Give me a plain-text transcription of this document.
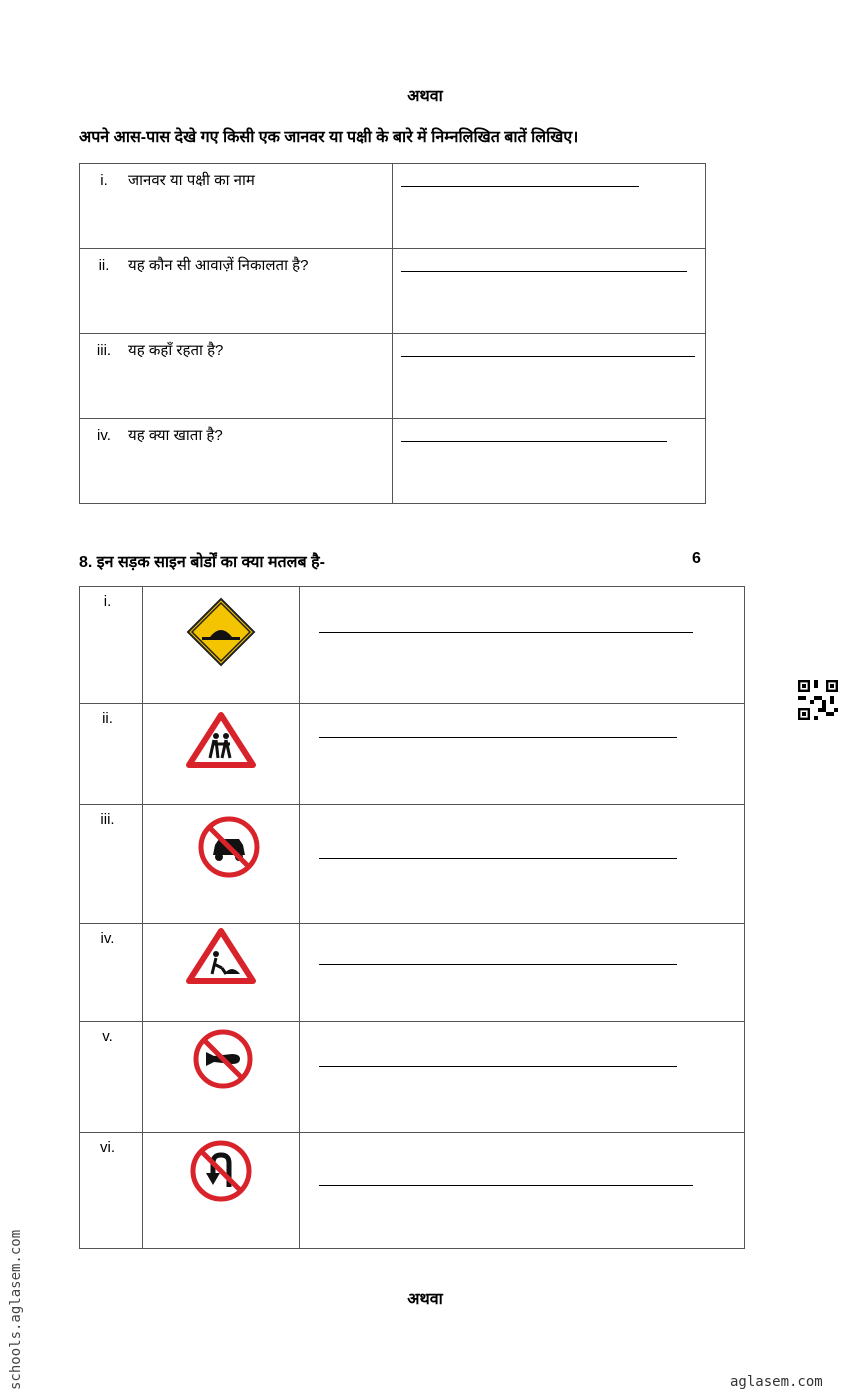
अथवा
अपने आस-पास देखे गए किसी एक जानवर या पक्षी के बारे में निम्नलिखित बातें लिखिए।
i. जानवर या पक्षी का नाम	

ii. यह कौन सी आवाज़ें निकालता है?	

iii. यह कहाँ रहता है?	

iv. यह क्या खाता है?	
8. इन सड़क साइन बोर्डों का क्या मतलब है-	6
i.	

ii.	

iii.	

iv.	

v.	

vi.	

अथवा
schools.aglasem.com	aglasem.com
